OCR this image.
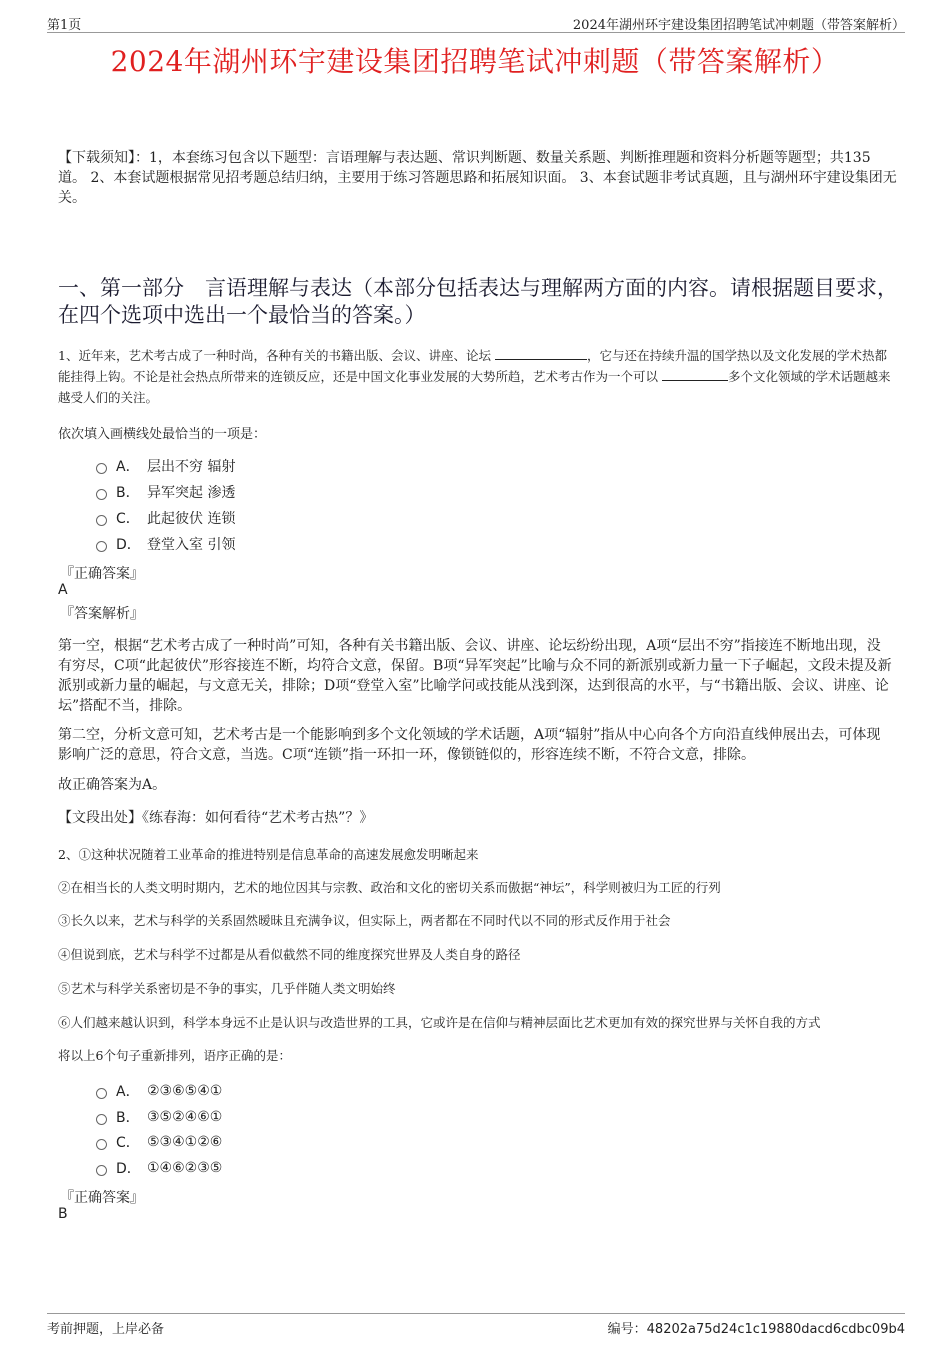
第1页	2024年湖州环宇建设集团招聘笔试冲刺题（带答案解析）
2024年湖州环宇建设集团招聘笔试冲刺题（带答案解析）
【下载须知】：1，本套练习包含以下题型：言语理解与表达题、常识判断题、数量关系题、判断推理题和资料分析题等题型；共135道。 2、本套试题根据常见招考题总结归纳，主要用于练习答题思路和拓展知识面。 3、本套试题非考试真题，且与湖州环宇建设集团无关。
一、第一部分　言语理解与表达（本部分包括表达与理解两方面的内容。请根据题目要求，在四个选项中选出一个最恰当的答案。）
1、近年来，艺术考古成了一种时尚，各种有关的书籍出版、会议、讲座、论坛	，它与还在持续升温的国学热以及文化发展的学术热都能挂得上钩。不论是社会热点所带来的连锁反应，还是中国文化事业发展的大势所趋，艺术考古作为一个可以	多个文化领域的学术话题越来越受人们的关注。
依次填入画横线处最恰当的一项是：
A． 层出不穷 辐射
B． 异军突起 渗透
C． 此起彼伏 连锁
D． 登堂入室 引领
『正确答案』
A
『答案解析』
第一空，根据“艺术考古成了一种时尚”可知，各种有关书籍出版、会议、讲座、论坛纷纷出现，A项“层出不穷”指接连不断地出现，没有穷尽，C项“此起彼伏”形容接连不断，均符合文意，保留。B项“异军突起”比喻与众不同的新派别或新力量一下子崛起，文段未提及新派别或新力量的崛起，与文意无关，排除；D项“登堂入室”比喻学问或技能从浅到深，达到很高的水平，与“书籍出版、会议、讲座、论坛”搭配不当，排除。
第二空，分析文意可知，艺术考古是一个能影响到多个文化领域的学术话题，A项“辐射”指从中心向各个方向沿直线伸展出去，可体现影响广泛的意思，符合文意，当选。C项“连锁”指一环扣一环，像锁链似的，形容连续不断，不符合文意，排除。
故正确答案为A。
【文段出处】《练春海：如何看待“艺术考古热”？》
2、①这种状况随着工业革命的推进特别是信息革命的高速发展愈发明晰起来
②在相当长的人类文明时期内，艺术的地位因其与宗教、政治和文化的密切关系而傲据“神坛”，科学则被归为工匠的行列
③长久以来，艺术与科学的关系固然暧昧且充满争议，但实际上，两者都在不同时代以不同的形式反作用于社会
④但说到底，艺术与科学不过都是从看似截然不同的维度探究世界及人类自身的路径
⑤艺术与科学关系密切是不争的事实，几乎伴随人类文明始终
⑥人们越来越认识到，科学本身远不止是认识与改造世界的工具，它或许是在信仰与精神层面比艺术更加有效的探究世界与关怀自我的方式
将以上6个句子重新排列，语序正确的是：
A． ②③⑥⑤④①
B． ③⑤②④⑥①
C． ⑤③④①②⑥
D． ①④⑥②③⑤
『正确答案』
B
考前押题，上岸必备	编号：48202a75d24c1c19880dacd6cdbc09b4
